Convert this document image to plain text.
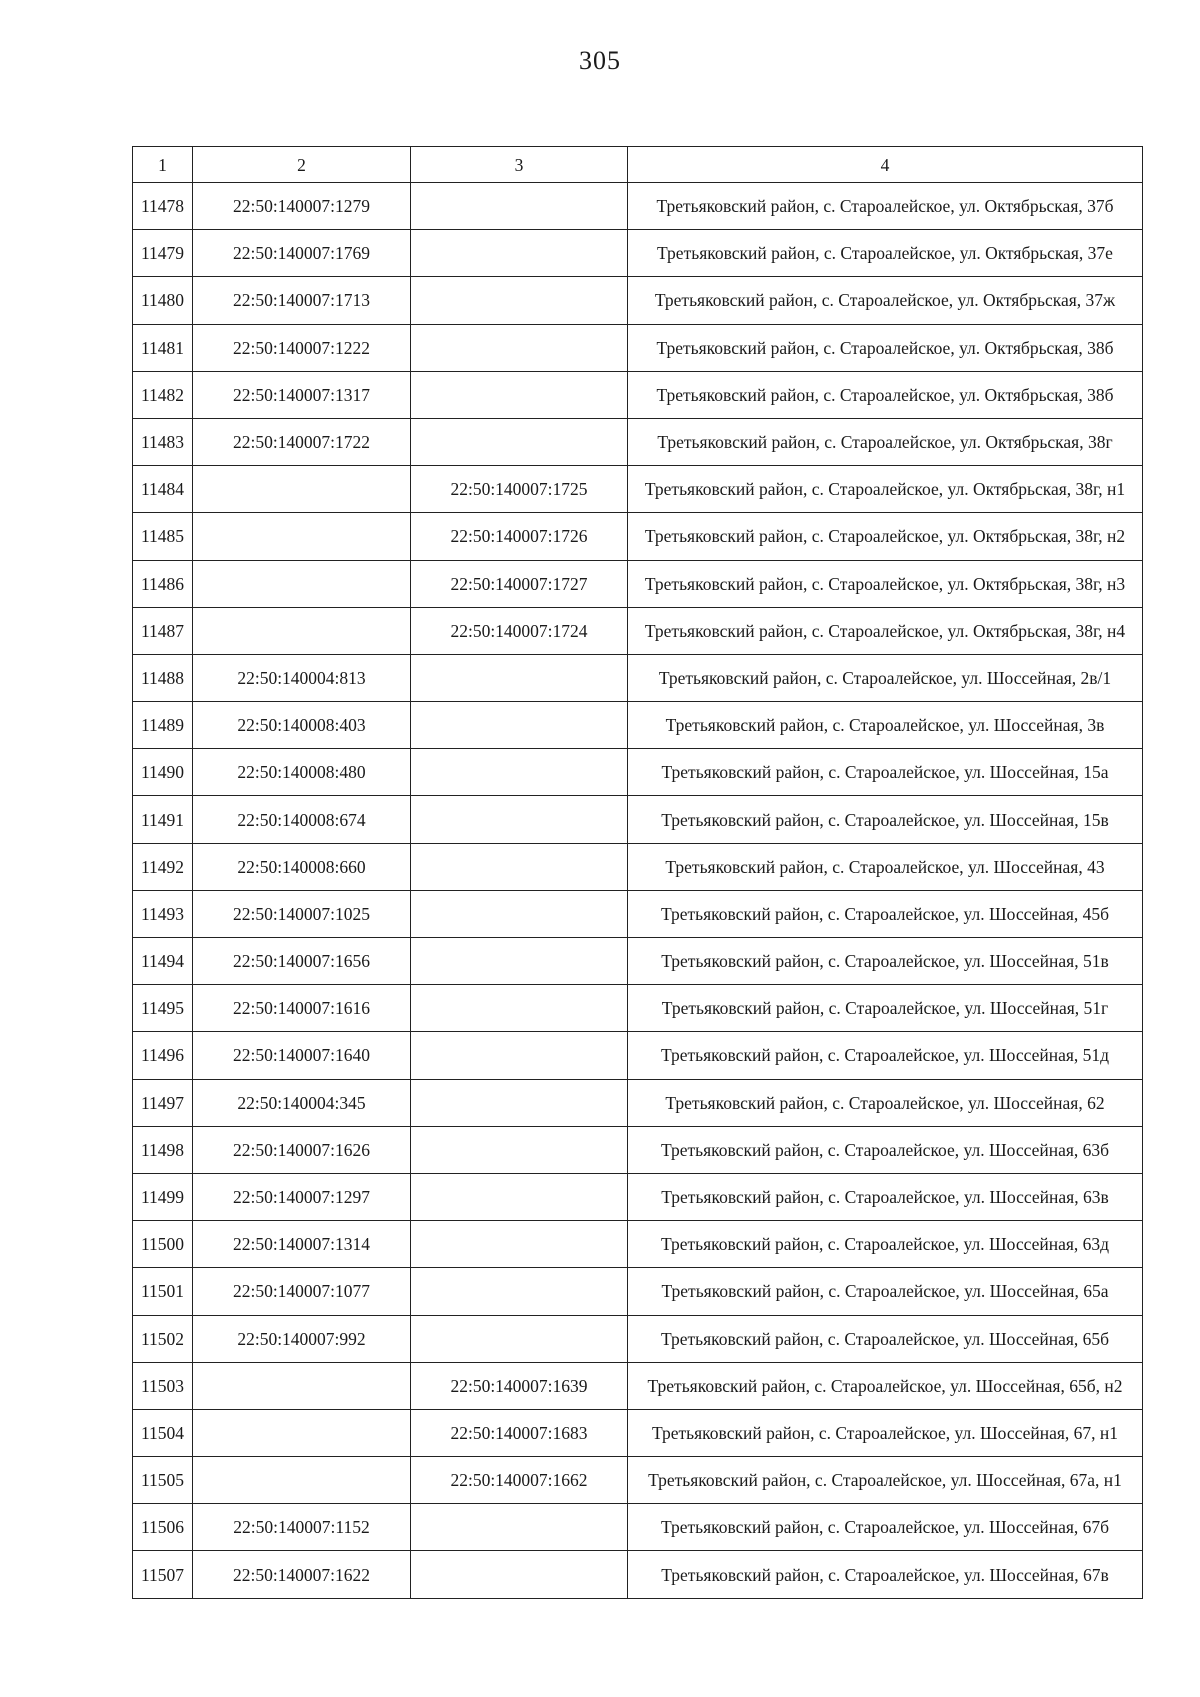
305
1	2	3	4
11478	22:50:140007:1279		Третьяковский район, с. Староалейское, ул. Октябрьская, 37б
11479	22:50:140007:1769		Третьяковский район, с. Староалейское, ул. Октябрьская, 37е
11480	22:50:140007:1713		Третьяковский район, с. Староалейское, ул. Октябрьская, 37ж
11481	22:50:140007:1222		Третьяковский район, с. Староалейское, ул. Октябрьская, 38б
11482	22:50:140007:1317		Третьяковский район, с. Староалейское, ул. Октябрьская, 38б
11483	22:50:140007:1722		Третьяковский район, с. Староалейское, ул. Октябрьская, 38г
11484		22:50:140007:1725	Третьяковский район, с. Староалейское, ул. Октябрьская, 38г, н1
11485		22:50:140007:1726	Третьяковский район, с. Староалейское, ул. Октябрьская, 38г, н2
11486		22:50:140007:1727	Третьяковский район, с. Староалейское, ул. Октябрьская, 38г, н3
11487		22:50:140007:1724	Третьяковский район, с. Староалейское, ул. Октябрьская, 38г, н4
11488	22:50:140004:813		Третьяковский район, с. Староалейское, ул. Шоссейная, 2в/1
11489	22:50:140008:403		Третьяковский район, с. Староалейское, ул. Шоссейная, 3в
11490	22:50:140008:480		Третьяковский район, с. Староалейское, ул. Шоссейная, 15а
11491	22:50:140008:674		Третьяковский район, с. Староалейское, ул. Шоссейная, 15в
11492	22:50:140008:660		Третьяковский район, с. Староалейское, ул. Шоссейная, 43
11493	22:50:140007:1025		Третьяковский район, с. Староалейское, ул. Шоссейная, 45б
11494	22:50:140007:1656		Третьяковский район, с. Староалейское, ул. Шоссейная, 51в
11495	22:50:140007:1616		Третьяковский район, с. Староалейское, ул. Шоссейная, 51г
11496	22:50:140007:1640		Третьяковский район, с. Староалейское, ул. Шоссейная, 51д
11497	22:50:140004:345		Третьяковский район, с. Староалейское, ул. Шоссейная, 62
11498	22:50:140007:1626		Третьяковский район, с. Староалейское, ул. Шоссейная, 63б
11499	22:50:140007:1297		Третьяковский район, с. Староалейское, ул. Шоссейная, 63в
11500	22:50:140007:1314		Третьяковский район, с. Староалейское, ул. Шоссейная, 63д
11501	22:50:140007:1077		Третьяковский район, с. Староалейское, ул. Шоссейная, 65а
11502	22:50:140007:992		Третьяковский район, с. Староалейское, ул. Шоссейная, 65б
11503		22:50:140007:1639	Третьяковский район, с. Староалейское, ул. Шоссейная, 65б, н2
11504		22:50:140007:1683	Третьяковский район, с. Староалейское, ул. Шоссейная, 67, н1
11505		22:50:140007:1662	Третьяковский район, с. Староалейское, ул. Шоссейная, 67а, н1
11506	22:50:140007:1152		Третьяковский район, с. Староалейское, ул. Шоссейная, 67б
11507	22:50:140007:1622		Третьяковский район, с. Староалейское, ул. Шоссейная, 67в
